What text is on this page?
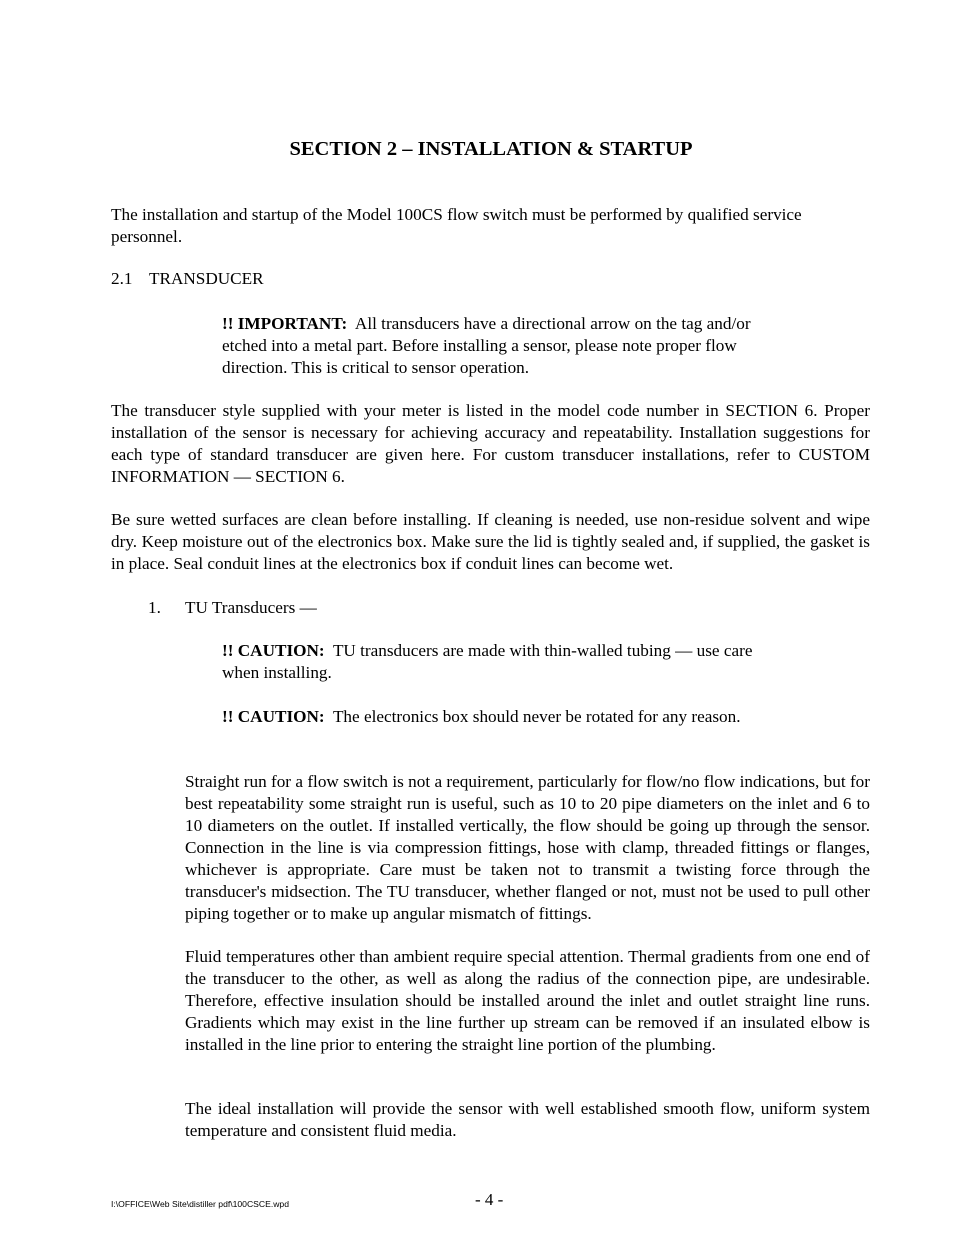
SECTION 2 – INSTALLATION & STARTUP

The installation and startup of the Model 100CS flow switch must be performed by qualified service personnel.

2.1 TRANSDUCER

!! IMPORTANT: All transducers have a directional arrow on the tag and/or etched into a metal part. Before installing a sensor, please note proper flow direction. This is critical to sensor operation.

The transducer style supplied with your meter is listed in the model code number in SECTION 6. Proper installation of the sensor is necessary for achieving accuracy and repeatability. Installation suggestions for each type of standard transducer are given here. For custom transducer installations, refer to CUSTOM INFORMATION — SECTION 6.

Be sure wetted surfaces are clean before installing. If cleaning is needed, use non-residue solvent and wipe dry. Keep moisture out of the electronics box. Make sure the lid is tightly sealed and, if supplied, the gasket is in place. Seal conduit lines at the electronics box if conduit lines can become wet.

1. TU Transducers —

!! CAUTION: TU transducers are made with thin-walled tubing — use care when installing.

!! CAUTION: The electronics box should never be rotated for any reason.

Straight run for a flow switch is not a requirement, particularly for flow/no flow indications, but for best repeatability some straight run is useful, such as 10 to 20 pipe diameters on the inlet and 6 to 10 diameters on the outlet. If installed vertically, the flow should be going up through the sensor. Connection in the line is via compression fittings, hose with clamp, threaded fittings or flanges, whichever is appropriate. Care must be taken not to transmit a twisting force through the transducer's midsection. The TU transducer, whether flanged or not, must not be used to pull other piping together or to make up angular mismatch of fittings.

Fluid temperatures other than ambient require special attention. Thermal gradients from one end of the transducer to the other, as well as along the radius of the connection pipe, are undesirable. Therefore, effective insulation should be installed around the inlet and outlet straight line runs. Gradients which may exist in the line further up stream can be removed if an insulated elbow is installed in the line prior to entering the straight line portion of the plumbing.

The ideal installation will provide the sensor with well established smooth flow, uniform system temperature and consistent fluid media.

- 4 -
I:\OFFICE\Web Site\distiller pdf\100CSCE.wpd
